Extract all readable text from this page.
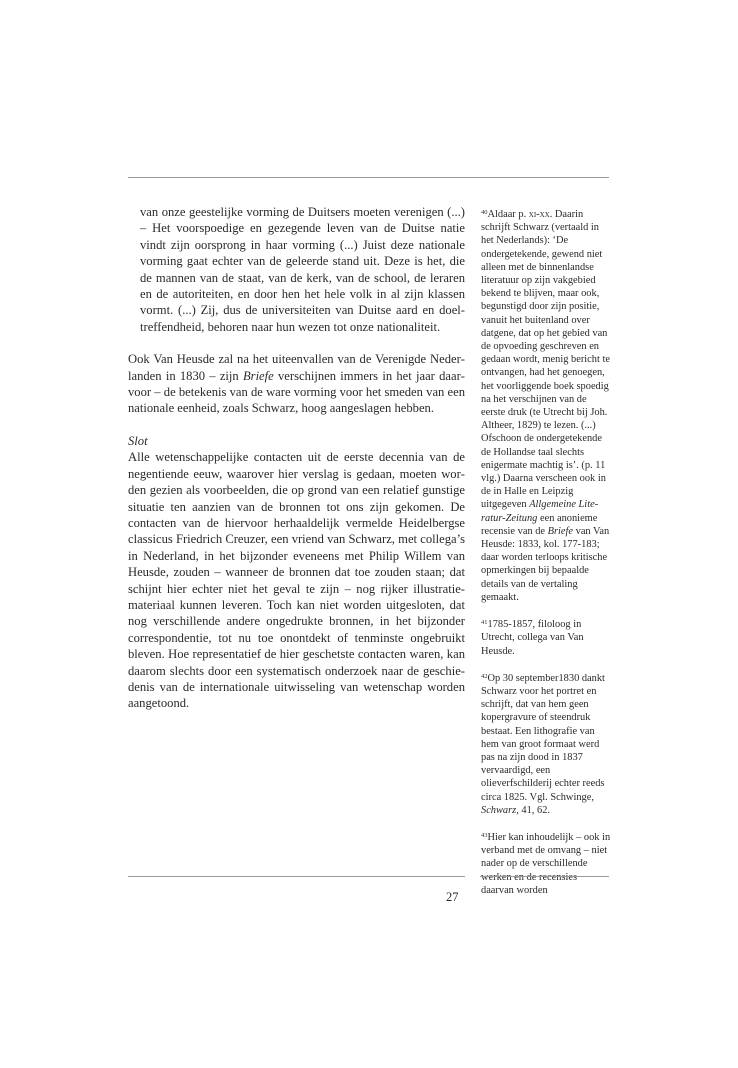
van onze geestelijke vorming de Duitsers moeten verenigen (...) – Het voorspoedige en gezegende leven van de Duitse natie vindt zijn oorsprong in haar vorming (...) Juist deze nationale vorming gaat echter van de geleerde stand uit. Deze is het, die de mannen van de staat, van de kerk, van de school, de leraren en de autoriteiten, en door hen het hele volk in al zijn klassen vormt. (...) Zij, dus de universiteiten van Duitse aard en doeltreffendheid, behoren naar hun wezen tot onze nationaliteit.

Ook Van Heusde zal na het uiteenvallen van de Verenigde Nederlanden in 1830 – zijn Briefe verschijnen immers in het jaar daarvoor – de betekenis van de ware vorming voor het smeden van een nationale eenheid, zoals Schwarz, hoog aangeslagen hebben.

Slot

Alle wetenschappelijke contacten uit de eerste decennia van de negentiende eeuw, waarover hier verslag is gedaan, moeten worden gezien als voorbeelden, die op grond van een relatief gunstige situatie ten aanzien van de bronnen tot ons zijn gekomen. De contacten van de hiervoor herhaaldelijk vermelde Heidelbergse classicus Friedrich Creuzer, een vriend van Schwarz, met collega’s in Nederland, in het bijzonder eveneens met Philip Willem van Heusde, zouden – wanneer de bronnen dat toe zouden staan; dat schijnt hier echter niet het geval te zijn – nog rijker illustratiemateriaal kunnen leveren. Toch kan niet worden uitgesloten, dat nog verschillende andere ongedrukte bronnen, in het bijzonder correspondentie, tot nu toe onontdekt of tenminste ongebruikt bleven. Hoe representatief de hier geschetste contacten waren, kan daarom slechts door een systematisch onderzoek naar de geschiedenis van de internationale uitwisseling van wetenschap worden aangetoond.

$^{40}$Aldaar p. xi-xx. Daarin schrijft Schwarz (vertaald in het Nederlands): ‘De ondergetekende, gewend niet alleen met de binnenlandse literatuur op zijn vakgebied bekend te blijven, maar ook, begunstigd door zijn positie, vanuit het buitenland over datgene, dat op het gebied van de opvoeding geschreven en gedaan wordt, menig bericht te ontvangen, had het genoegen, het voorliggende boek spoedig na het verschijnen van de eerste druk (te Utrecht bij Joh. Altheer, 1829) te lezen. (...) Ofschoon de ondergetekende de Hollandse taal slechts enigermate machtig is’. (p. 11 vlg.) Daarna verscheen ook in de in Halle en Leipzig uitgegeven Allgemeine Literatur-Zeitung een anonieme recensie van de Briefe van Van Heusde: 1833, kol. 177-183; daar worden terloops kritische opmerkingen bij bepaalde details van de vertaling gemaakt.

$^{41}$1785-1857, filoloog in Utrecht, collega van Van Heusde.

$^{42}$Op 30 september1830 dankt Schwarz voor het portret en schrijft, dat van hem geen kopergravure of steendruk bestaat. Een lithografie van hem van groot formaat werd pas na zijn dood in 1837 vervaardigd, een olieverfschilderij echter reeds circa 1825. Vgl. Schwinge, Schwarz, 41, 62.

$^{43}$Hier kan inhoudelijk – ook in verband met de omvang – niet nader op de verschillende werken en de recensies daarvan worden

27
